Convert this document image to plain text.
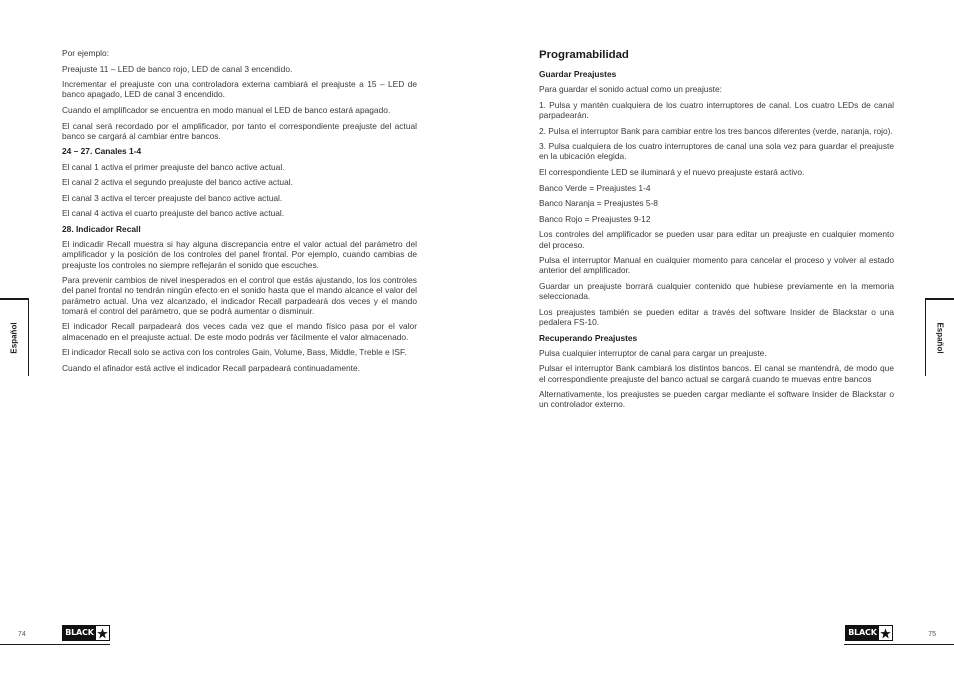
Por ejemplo:

Preajuste 11 – LED de banco rojo, LED de canal 3 encendido.

Incrementar el preajuste con una controladora externa cambiará el preajuste a 15 – LED de banco apagado, LED de canal 3 encendido.

Cuando el amplificador se encuentra en modo manual el LED de banco estará apagado.

El canal será recordado por el amplificador, por tanto el correspondiente preajuste del actual banco se cargará al cambiar entre bancos.

24 – 27. Canales 1-4

El canal 1 activa el primer preajuste del banco active actual.

El canal 2 activa el segundo preajuste del banco active actual.

El canal 3 activa el tercer preajuste del banco active actual.

El canal 4 activa el cuarto preajuste del banco active actual.

28. Indicador Recall

El indicadir Recall muestra si hay alguna discrepancia entre el valor actual del parámetro del amplificador y la posición de los controles del panel frontal. Por ejemplo, cuando cambias de preajuste los controles no siempre reflejarán el sonido que escuches.

Para prevenir cambios de nivel inesperados en el control que estás ajustando, los los controles del panel frontal no tendrán ningún efecto en el sonido hasta que el mando alcance el valor del parámetro actual. Una vez alcanzado, el indicador Recall parpadeará dos veces y el mando tomará el control del parámetro, que se podrá aumentar o disminuir.

El indicador Recall parpadeará dos veces cada vez que el mando físico pasa por el valor almacenado en el preajuste actual. De este modo podrás ver fácilmente el valor almacenado.

El indicador Recall solo se activa con los controles Gain, Volume, Bass, Middle, Treble e ISF.

Cuando el afinador está active el indicador Recall parpadeará continuadamente.

Español
74	BLACK

Programabilidad

Guardar Preajustes

Para guardar el sonido actual como un preajuste:

1. Pulsa y mantén cualquiera de los cuatro interruptores de canal. Los cuatro LEDs de canal parpadearán.

2. Pulsa el interruptor Bank para cambiar entre los tres bancos diferentes (verde, naranja, rojo).

3. Pulsa cualquiera de los cuatro interruptores de canal una sola vez para guardar el preajuste en la ubicación elegida.

El correspondiente LED se iluminará y el nuevo preajuste estará activo.

Banco Verde = Preajustes 1-4

Banco Naranja = Preajustes 5-8

Banco Rojo = Preajustes 9-12

Los controles del amplificador se pueden usar para editar un preajuste en cualquier momento del proceso.

Pulsa el interruptor Manual en cualquier momento para cancelar el proceso y volver al estado anterior del amplificador.

Guardar un preajuste borrará cualquier contenido que hubiese previamente en la memoria seleccionada.

Los preajustes también se pueden editar a través del software Insider de Blackstar o una pedalera FS-10.

Recuperando Preajustes

Pulsa cualquier interruptor de canal para cargar un preajuste.

Pulsar el interruptor Bank cambiará los distintos bancos. El canal se mantendrá, de modo que el correspondiente preajuste del banco actual se cargará cuando te muevas entre bancos

Alternativamente, los preajustes se pueden cargar mediante el software Insider de Blackstar o un controlador externo.

Español
75
BLACK
